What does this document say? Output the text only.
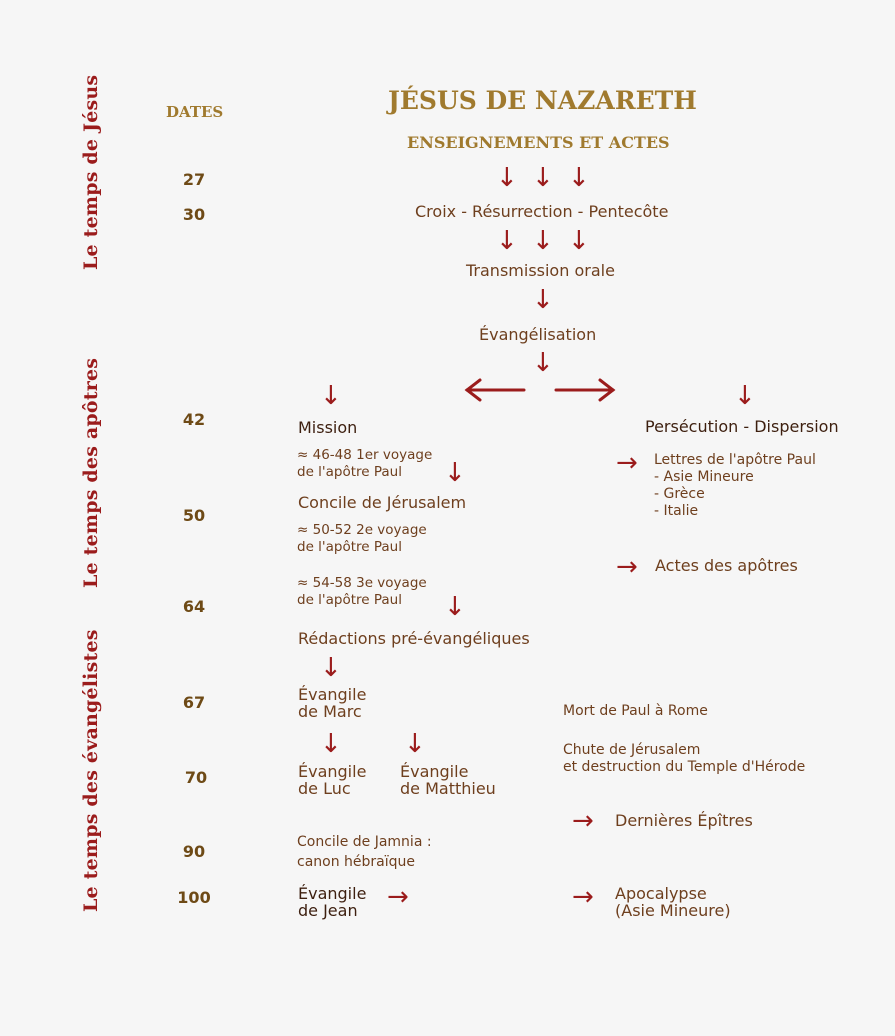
Le temps de Jésus
Le temps des apôtres
Le temps des évangélistes
DATES
27
30
42
50
64
67
70
90
100
JÉSUS DE NAZARETH
ENSEIGNEMENTS ET ACTES
Croix - Résurrection - Pentecôte
Transmission orale
Évangélisation
Mission	Persécution - Dispersion
≈ 46-48 1er voyage
de l'apôtre Paul
Concile de Jérusalem
≈ 50-52 2e voyage
de l'apôtre Paul
≈ 54-58 3e voyage
de l'apôtre Paul
Rédactions pré-évangéliques
Évangile
de Marc
Évangile
de Luc
Évangile
de Matthieu
Concile de Jamnia :
canon hébraïque
Évangile
de Jean
Lettres de l'apôtre Paul
- Asie Mineure
- Grèce
- Italie
Actes des apôtres
Mort de Paul à Rome
Chute de Jérusalem
et destruction du Temple d'Hérode
Dernières Épîtres
Apocalypse
(Asie Mineure)
↓ ↓ ↓
↓ ↓ ↓
↓
↓
↓	↓
↓
↓
↓
↓ ↓
→
→
→
→	→
